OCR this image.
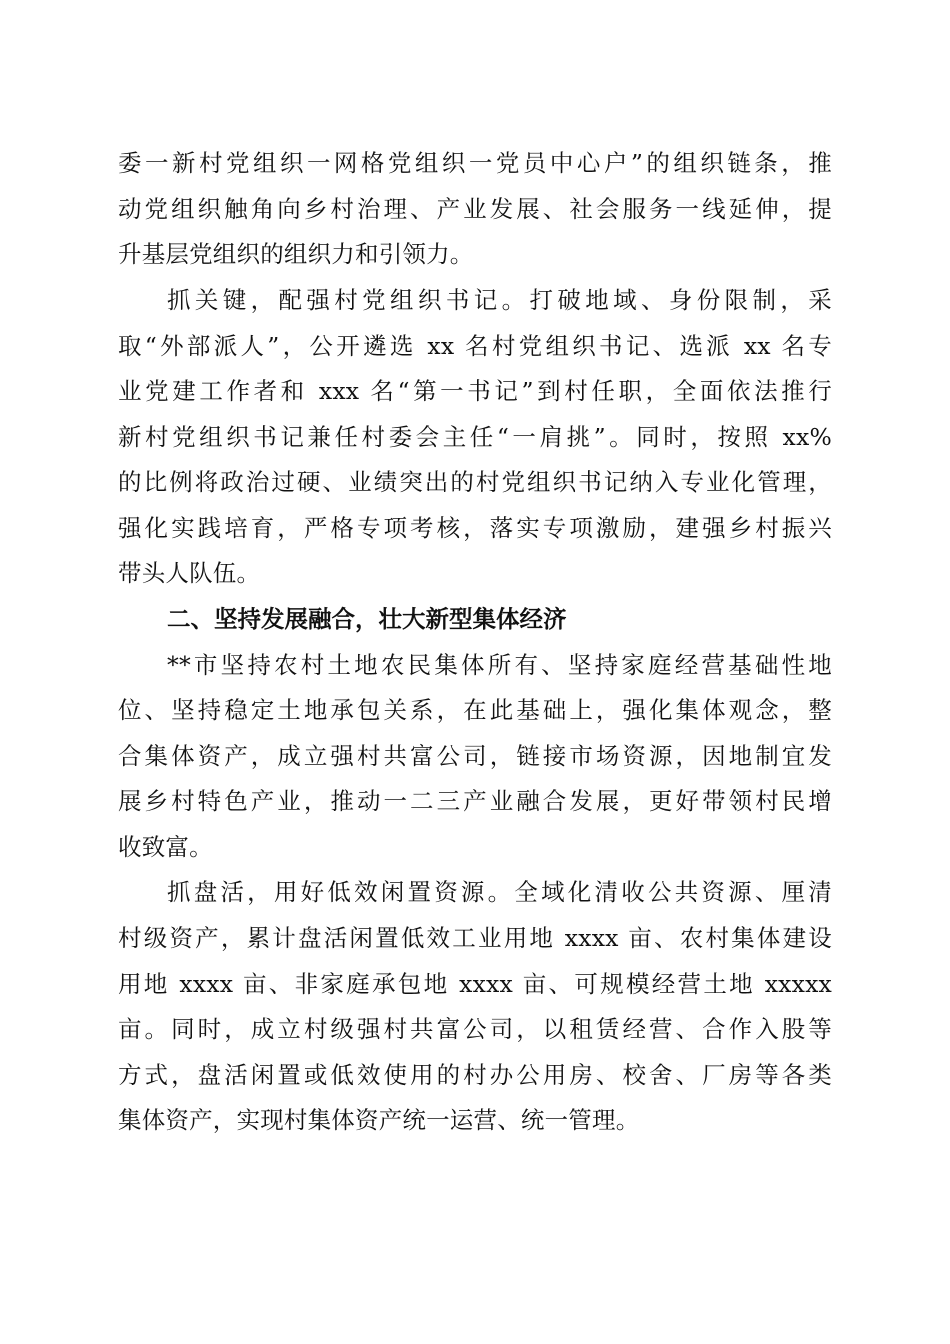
委一新村党组织一网格党组织一党员中心户”的组织链条，推
动党组织触角向乡村治理、产业发展、社会服务一线延伸，提
升基层党组织的组织力和引领力。
抓关键，配强村党组织书记。打破地域、身份限制，采
取“外部派人”，公开遴选 xx 名村党组织书记、选派 xx 名专
业党建工作者和 xxx 名“第一书记”到村任职，全面依法推行
新村党组织书记兼任村委会主任“一肩挑”。同时，按照 xx%
的比例将政治过硬、业绩突出的村党组织书记纳入专业化管理，
强化实践培育，严格专项考核，落实专项激励，建强乡村振兴
带头人队伍。
二、坚持发展融合，壮大新型集体经济
**市坚持农村土地农民集体所有、坚持家庭经营基础性地
位、坚持稳定土地承包关系，在此基础上，强化集体观念，整
合集体资产，成立强村共富公司，链接市场资源，因地制宜发
展乡村特色产业，推动一二三产业融合发展，更好带领村民增
收致富。
抓盘活，用好低效闲置资源。全域化清收公共资源、厘清
村级资产，累计盘活闲置低效工业用地 xxxx 亩、农村集体建设
用地 xxxx 亩、非家庭承包地 xxxx 亩、可规模经营土地 xxxxx
亩。同时，成立村级强村共富公司，以租赁经营、合作入股等
方式，盘活闲置或低效使用的村办公用房、校舍、厂房等各类
集体资产，实现村集体资产统一运营、统一管理。
